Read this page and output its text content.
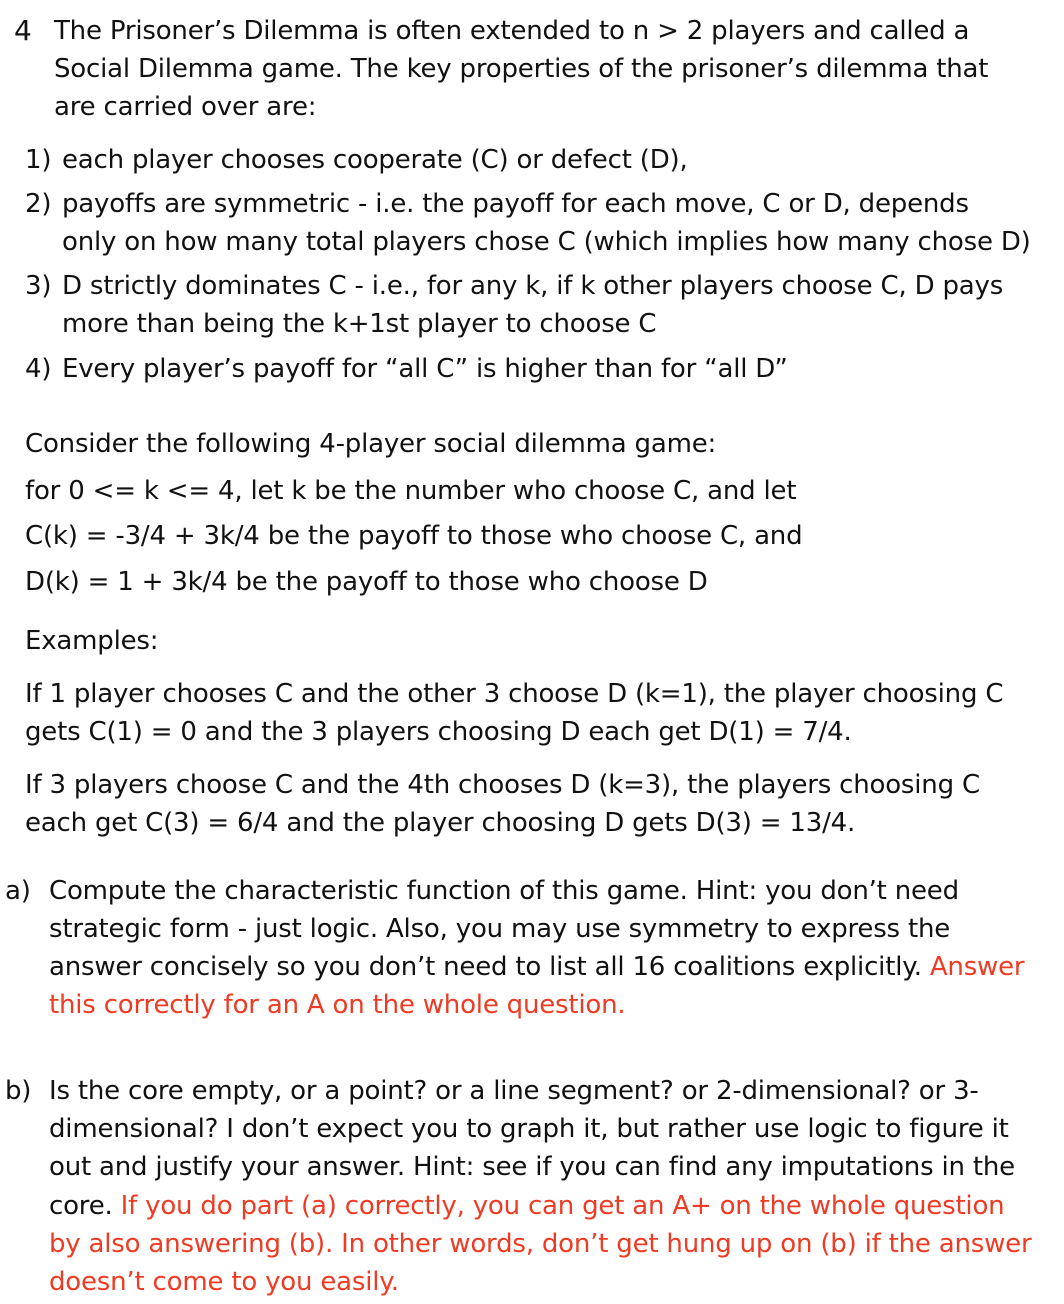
4 The Prisoner’s Dilemma is often extended to n > 2 players and called a
Social Dilemma game. The key properties of the prisoner’s dilemma that
are carried over are:
1) each player chooses cooperate (C) or defect (D),
2) payoffs are symmetric - i.e. the payoff for each move, C or D, depends
only on how many total players chose C (which implies how many chose D)
3) D strictly dominates C - i.e., for any k, if k other players choose C, D pays
more than being the k+1st player to choose C
4) Every player’s payoff for “all C” is higher than for “all D”
Consider the following 4-player social dilemma game:
for 0 <= k <= 4, let k be the number who choose C, and let
C(k) = -3/4 + 3k/4 be the payoff to those who choose C, and
D(k) = 1 + 3k/4 be the payoff to those who choose D
Examples:
If 1 player chooses C and the other 3 choose D (k=1), the player choosing C
gets C(1) = 0 and the 3 players choosing D each get D(1) = 7/4.
If 3 players choose C and the 4th chooses D (k=3), the players choosing C
each get C(3) = 6/4 and the player choosing D gets D(3) = 13/4.
a) Compute the characteristic function of this game. Hint: you don’t need
strategic form - just logic. Also, you may use symmetry to express the
answer concisely so you don’t need to list all 16 coalitions explicitly. Answer
this correctly for an A on the whole question.
b) Is the core empty, or a point? or a line segment? or 2-dimensional? or 3-
dimensional? I don’t expect you to graph it, but rather use logic to figure it
out and justify your answer. Hint: see if you can find any imputations in the
core. If you do part (a) correctly, you can get an A+ on the whole question
by also answering (b). In other words, don’t get hung up on (b) if the answer
doesn’t come to you easily.
